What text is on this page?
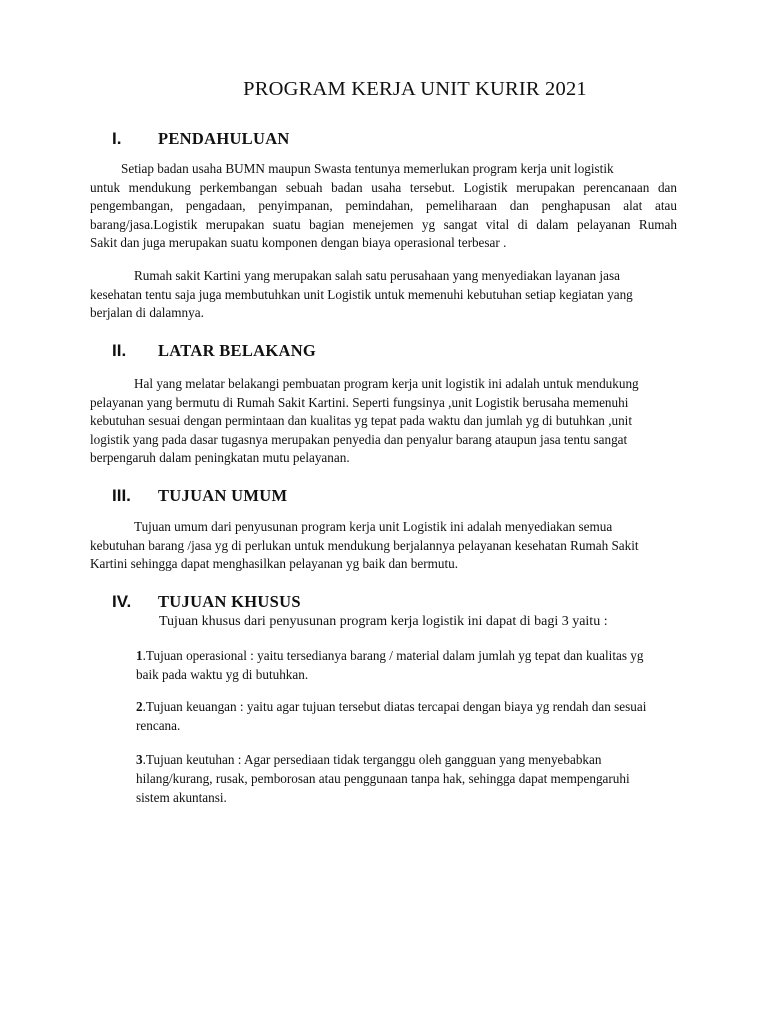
PROGRAM KERJA UNIT KURIR 2021
I. PENDAHULUAN
Setiap badan usaha BUMN maupun Swasta tentunya memerlukan program kerja unit logistik
untuk mendukung perkembangan sebuah badan usaha tersebut. Logistik merupakan perencanaan dan
pengembangan, pengadaan, penyimpanan, pemindahan, pemeliharaan dan penghapusan alat atau
barang/jasa.Logistik merupakan suatu bagian menejemen yg sangat vital di dalam pelayanan Rumah
Sakit dan juga merupakan suatu komponen dengan biaya operasional terbesar .
Rumah sakit Kartini yang merupakan salah satu perusahaan yang menyediakan layanan jasa
kesehatan tentu saja juga membutuhkan unit Logistik untuk memenuhi kebutuhan setiap kegiatan yang
berjalan di dalamnya.
II. LATAR BELAKANG
Hal yang melatar belakangi pembuatan program kerja unit logistik ini adalah untuk mendukung
pelayanan yang bermutu di Rumah Sakit Kartini. Seperti fungsinya ,unit Logistik berusaha memenuhi
kebutuhan sesuai dengan permintaan dan kualitas yg tepat pada waktu dan jumlah yg di butuhkan ,unit
logistik yang pada dasar tugasnya merupakan penyedia dan penyalur barang ataupun jasa tentu sangat
berpengaruh dalam peningkatan mutu pelayanan.
III. TUJUAN UMUM
Tujuan umum dari penyusunan program kerja unit Logistik ini adalah menyediakan semua
kebutuhan barang /jasa yg di perlukan untuk mendukung berjalannya pelayanan kesehatan Rumah Sakit
Kartini sehingga dapat menghasilkan pelayanan yg baik dan bermutu.
IV. TUJUAN KHUSUS
Tujuan khusus dari penyusunan program kerja logistik ini dapat di bagi 3 yaitu :
1.Tujuan operasional : yaitu tersedianya barang / material dalam jumlah yg tepat dan kualitas yg
baik pada waktu yg di butuhkan.
2.Tujuan keuangan : yaitu agar tujuan tersebut diatas tercapai dengan biaya yg rendah dan sesuai
rencana.
3.Tujuan keutuhan : Agar persediaan tidak terganggu oleh gangguan yang menyebabkan
hilang/kurang, rusak, pemborosan atau penggunaan tanpa hak, sehingga dapat mempengaruhi
sistem akuntansi.
